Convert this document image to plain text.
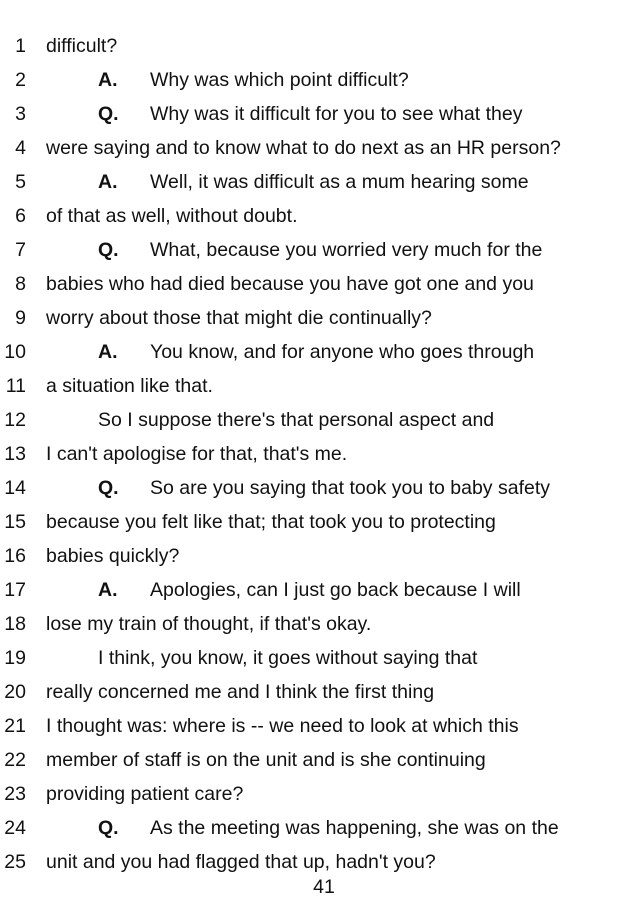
1 difficult?
2	A. Why was which point difficult?
3	Q. Why was it difficult for you to see what they
4 were saying and to know what to do next as an HR person?
5	A. Well, it was difficult as a mum hearing some
6 of that as well, without doubt.
7	Q. What, because you worried very much for the
8 babies who had died because you have got one and you
9 worry about those that might die continually?
10	A. You know, and for anyone who goes through
11 a situation like that.
12	So I suppose there's that personal aspect and
13 I can't apologise for that, that's me.
14	Q. So are you saying that took you to baby safety
15 because you felt like that; that took you to protecting
16 babies quickly?
17	A. Apologies, can I just go back because I will
18 lose my train of thought, if that's okay.
19	I think, you know, it goes without saying that
20 really concerned me and I think the first thing
21 I thought was: where is -- we need to look at which this
22 member of staff is on the unit and is she continuing
23 providing patient care?
24	Q. As the meeting was happening, she was on the
25 unit and you had flagged that up, hadn't you?
41
